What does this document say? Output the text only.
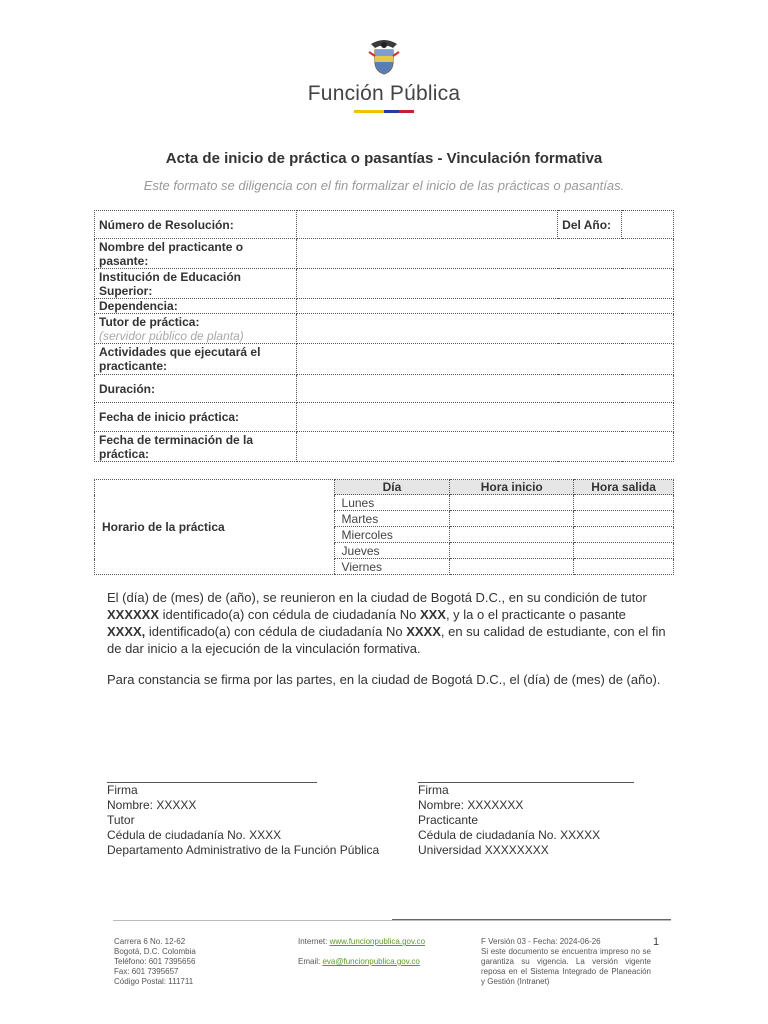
Función Pública
Acta de inicio de práctica o pasantías - Vinculación formativa
Este formato se diligencia con el fin formalizar el inicio de las prácticas o pasantías.
Número de Resolución:		Del Año:	
Nombre del practicante o pasante:			
Institución de Educación Superior:			
Dependencia:			
Tutor de práctica:
(servidor público de planta)			

Actividades que ejecutará el practicante:			
Duración:			
Fecha de inicio práctica:			
Fecha de terminación de la práctica:			
Horario de la práctica	Día	Hora inicio	Hora salida
	Lunes		
	Martes		
	Miercoles		
	Jueves		
	Viernes		
El (día) de (mes) de (año), se reunieron en la ciudad de Bogotá D.C., en su condición de tutor XXXXXX identificado(a) con cédula de ciudadanía No XXX, y la o el practicante o pasante XXXX, identificado(a) con cédula de ciudadanía No XXXX, en su calidad de estudiante, con el fin de dar inicio a la ejecución de la vinculación formativa.
Para constancia se firma por las partes, en la ciudad de Bogotá D.C., el (día) de (mes) de (año).
Firma
Nombre: XXXXX
Tutor
Cédula de ciudadanía No. XXXX
Departamento Administrativo de la Función Pública
Firma
Nombre: XXXXXXX
Practicante
Cédula de ciudadanía No. XXXXX
Universidad XXXXXXXX
Carrera 6 No. 12-62
Bogotá, D.C. Colombia
Teléfono: 601 7395656
Fax: 601 7395657
Código Postal: 111711
Internet: www.funcionpublica.gov.co
Email: eva@funcionpublica.gov.co
F Versión 03 - Fecha: 2024-06-26
Si este documento se encuentra impreso no se garantiza su vigencia. La versión vigente reposa en el Sistema Integrado de Planeación y Gestión (Intranet)
1
